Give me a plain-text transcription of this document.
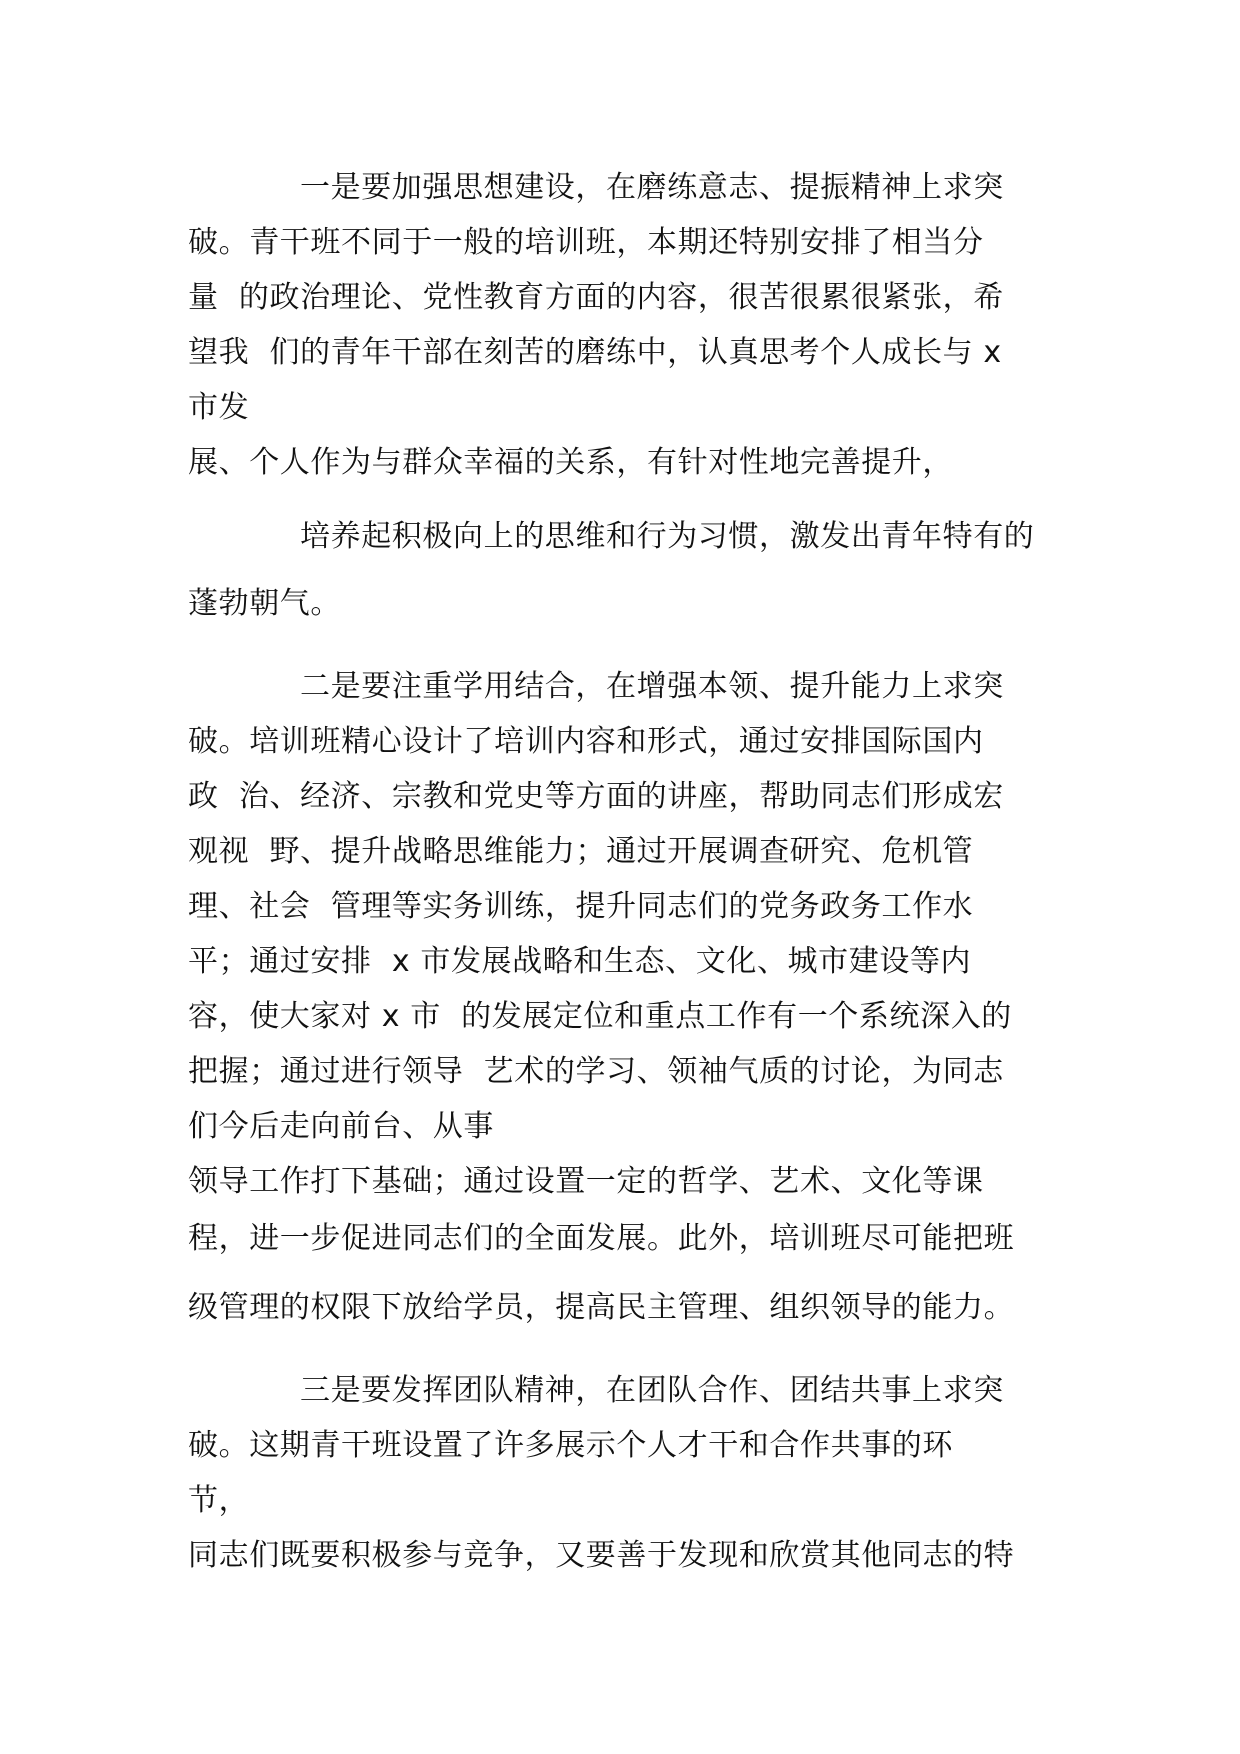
一是要加强思想建设，在磨练意志、提振精神上求突
破。青干班不同于一般的培训班，本期还特别安排了相当分
量  的政治理论、党性教育方面的内容，很苦很累很紧张，希
望我  们的青年干部在刻苦的磨练中，认真思考个人成长与 x
市发
展、个人作为与群众幸福的关系，有针对性地完善提升，
培养起积极向上的思维和行为习惯，激发出青年特有的
蓬勃朝气。
二是要注重学用结合，在增强本领、提升能力上求突
破。培训班精心设计了培训内容和形式，通过安排国际国内
政  治、经济、宗教和党史等方面的讲座，帮助同志们形成宏
观视  野、提升战略思维能力；通过开展调查研究、危机管
理、社会  管理等实务训练，提升同志们的党务政务工作水
平；通过安排  x 市发展战略和生态、文化、城市建设等内
容，使大家对 x 市  的发展定位和重点工作有一个系统深入的
把握；通过进行领导  艺术的学习、领袖气质的讨论，为同志
们今后走向前台、从事
领导工作打下基础；通过设置一定的哲学、艺术、文化等课
程，进一步促进同志们的全面发展。此外，培训班尽可能把班
级管理的权限下放给学员，提高民主管理、组织领导的能力。
三是要发挥团队精神，在团队合作、团结共事上求突
破。这期青干班设置了许多展示个人才干和合作共事的环
节，
同志们既要积极参与竞争，又要善于发现和欣赏其他同志的特
